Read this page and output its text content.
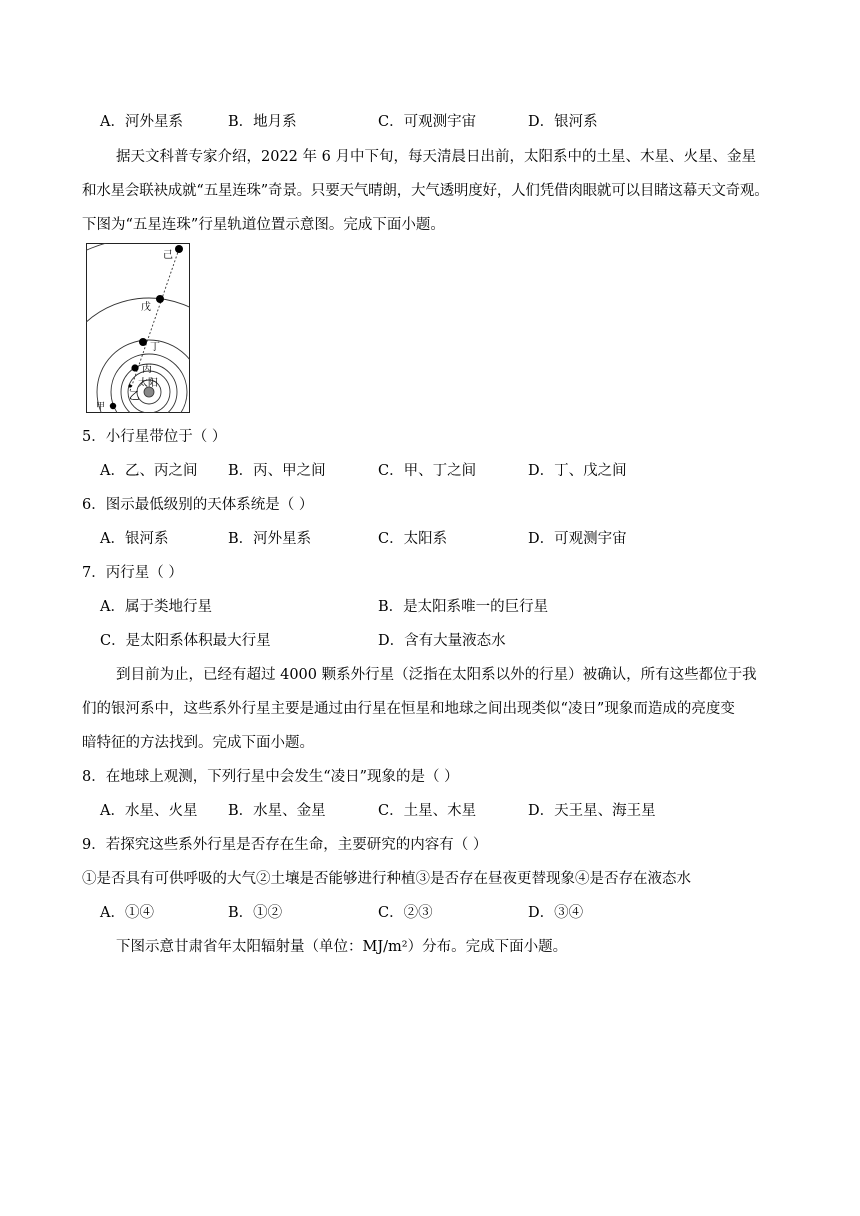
A．河外星系	B．地月系	C．可观测宇宙	D．银河系
据天文科普专家介绍，2022 年 6 月中下旬，每天清晨日出前，太阳系中的土星、木星、火星、金星
和水星会联袂成就“五星连珠”奇景。只要天气晴朗，大气透明度好，人们凭借肉眼就可以目睹这幕天文奇观。
下图为“五星连珠”行星轨道位置示意图。完成下面小题。
己
戊
丁
丙
太阳
乙
甲
5．小行星带位于（ ）
A．乙、丙之间 B．丙、甲之间	C．甲、丁之间	D．丁、戊之间
6．图示最低级别的天体系统是（ ）
A．银河系	B．河外星系	C．太阳系	D．可观测宇宙
7．丙行星（ ）
A．属于类地行星	B．是太阳系唯一的巨行星
C．是太阳系体积最大行星	D．含有大量液态水
到目前为止，已经有超过 4000 颗系外行星（泛指在太阳系以外的行星）被确认，所有这些都位于我
们的银河系中，这些系外行星主要是通过由行星在恒星和地球之间出现类似“凌日”现象而造成的亮度变
暗特征的方法找到。完成下面小题。
8．在地球上观测，下列行星中会发生“凌日”现象的是（ ）
A．水星、火星 B．水星、金星	C．土星、木星	D．天王星、海王星
9．若探究这些系外行星是否存在生命，主要研究的内容有（ ）
①是否具有可供呼吸的大气②土壤是否能够进行种植③是否存在昼夜更替现象④是否存在液态水
A．①④	B．①②	C．②③	D．③④
下图示意甘肃省年太阳辐射量（单位：MJ/m²）分布。完成下面小题。
